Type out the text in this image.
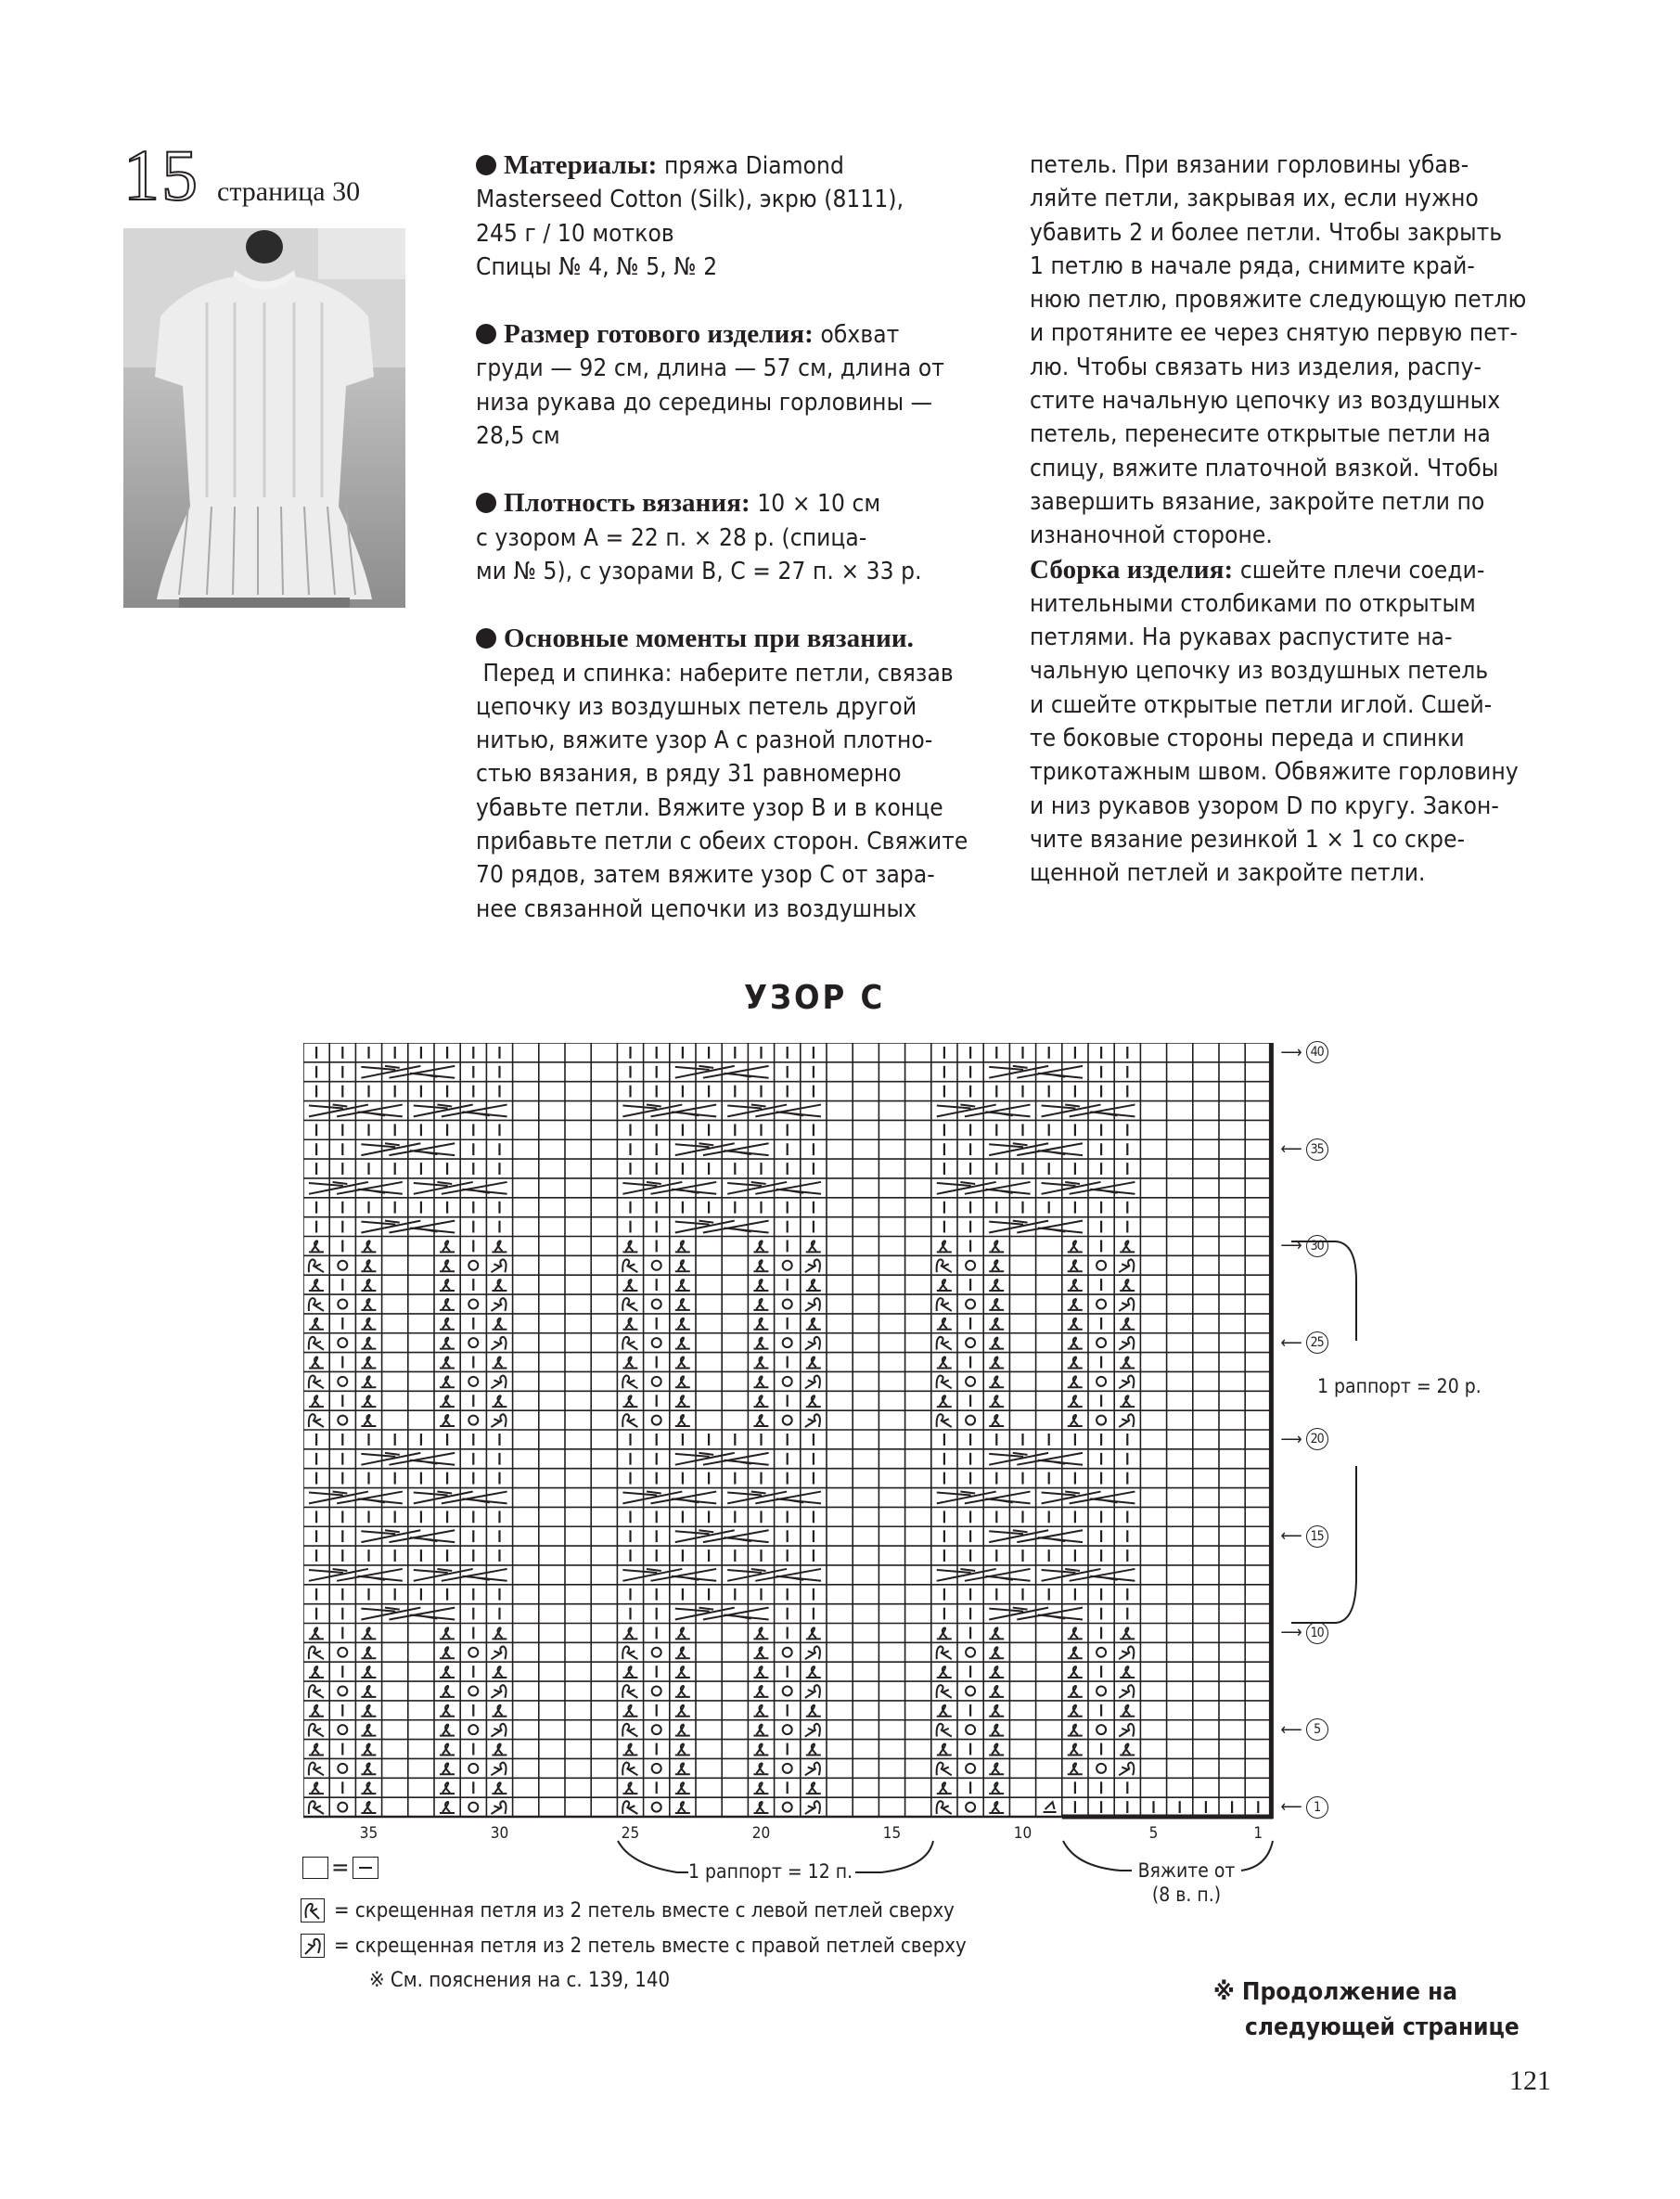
15 страница 30

Материалы: пряжа Diamond
Masterseed Cotton (Silk), экрю (8111),
245 г / 10 мотков
Спицы № 4, № 5, № 2

Размер готового изделия: обхват
груди — 92 см, длина — 57 см, длина от
низа рукава до середины горловины —
28,5 см

Плотность вязания: 10 × 10 см
с узором А = 22 п. × 28 р. (спица-
ми № 5), с узорами В, С = 27 п. × 33 р.

Основные моменты при вязании.
Перед и спинка: наберите петли, связав
цепочку из воздушных петель другой
нитью, вяжите узор А с разной плотно-
стью вязания, в ряду 31 равномерно
убавьте петли. Вяжите узор В и в конце
прибавьте петли с обеих сторон. Свяжите
70 рядов, затем вяжите узор С от зара-
нее связанной цепочки из воздушных

петель. При вязании горловины убав-
ляйте петли, закрывая их, если нужно
убавить 2 и более петли. Чтобы закрыть
1 петлю в начале ряда, снимите край-
нюю петлю, провяжите следующую петлю
и протяните ее через снятую первую пет-
лю. Чтобы связать низ изделия, распу-
стите начальную цепочку из воздушных
петель, перенесите открытые петли на
спицу, вяжите платочной вязкой. Чтобы
завершить вязание, закройте петли по
изнаночной стороне.

Сборка изделия: сшейте плечи соеди-
нительными столбиками по открытым
петлями. На рукавах распустите на-
чальную цепочку из воздушных петель
и сшейте открытые петли иглой. Сшей-
те боковые стороны переда и спинки
трикотажным швом. Обвяжите горловину
и низ рукавов узором D по кругу. Закон-
чите вязание резинкой 1 × 1 со скре-
щенной петлей и закройте петли.

УЗОР С
35	30	25	20	15	10	5	1
⟶ 40
⟵ 35
⟶ 30
⟵ 25
⟶ 20
⟵ 15
⟶ 10
⟵ 5
⟵ 1
1 раппорт = 20 р.
1 раппорт = 12 п.	Вяжите от
(8 в. п.)
=
= скрещенная петля из 2 петель вместе с левой петлей сверху
= скрещенная петля из 2 петель вместе с правой петлей сверху
※ См. пояснения на с. 139, 140	※ Продолжение на
следующей странице
121
